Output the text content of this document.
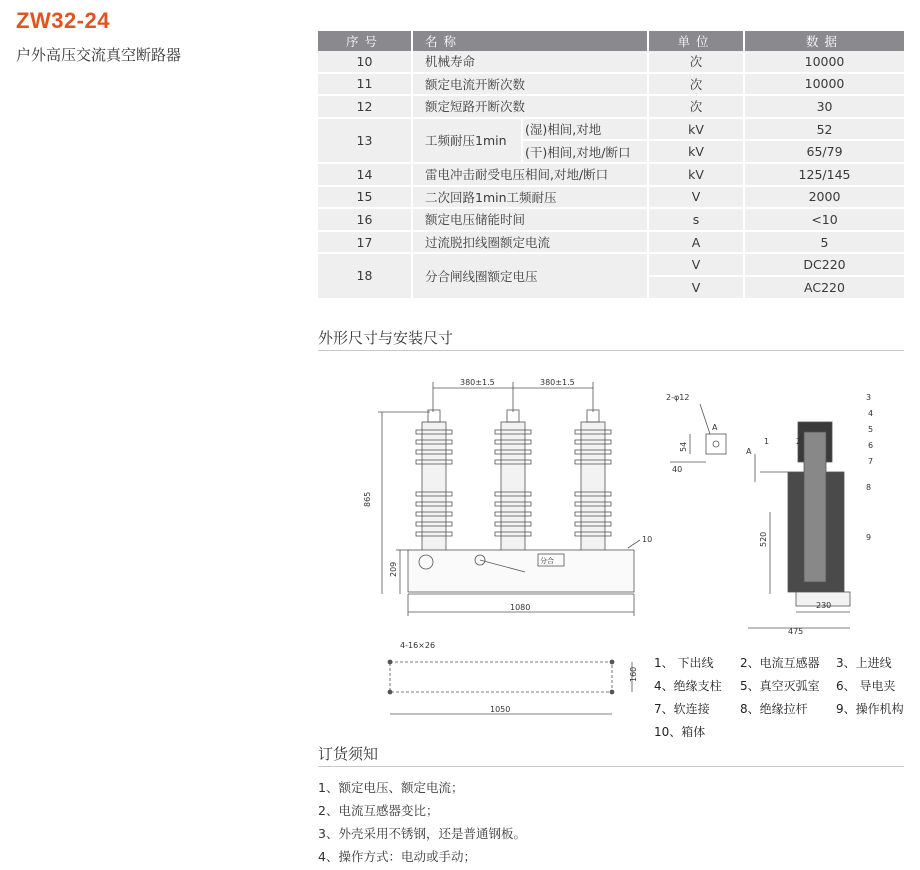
ZW32-24
户外高压交流真空断路器
序号	名称		单位	数据
10	机械寿命		次	10000
11	额定电流开断次数		次	10000
12	额定短路开断次数		次	30
13	工频耐压1min	(湿)相间,对地	kV	52
		(干)相间,对地/断口	kV	65/79
14	雷电冲击耐受电压相间,对地/断口		kV	125/145
15	二次回路1min工频耐压		V	2000
16	额定电压储能时间		s	<10
17	过流脱扣线圈额定电流		A	5
18	分合闸线圈额定电压		V	DC220
			V	AC220
外形尺寸与安装尺寸
380±1.5	380±1.5
865
209
分合
1080
10
2-φ12
54
40
A
A
520
230
475
1	2
3
4
5
6
7
8
9
4-16×26
160
1050
1、 下出线	2、电流互感器	3、上进线
4、绝缘支柱	5、真空灭弧室	6、 导电夹
7、软连接	8、绝缘拉杆	9、操作机构
10、箱体
订货须知
1、额定电压、额定电流；
2、电流互感器变比；
3、外壳采用不锈钢，还是普通钢板。
4、操作方式：电动或手动；
